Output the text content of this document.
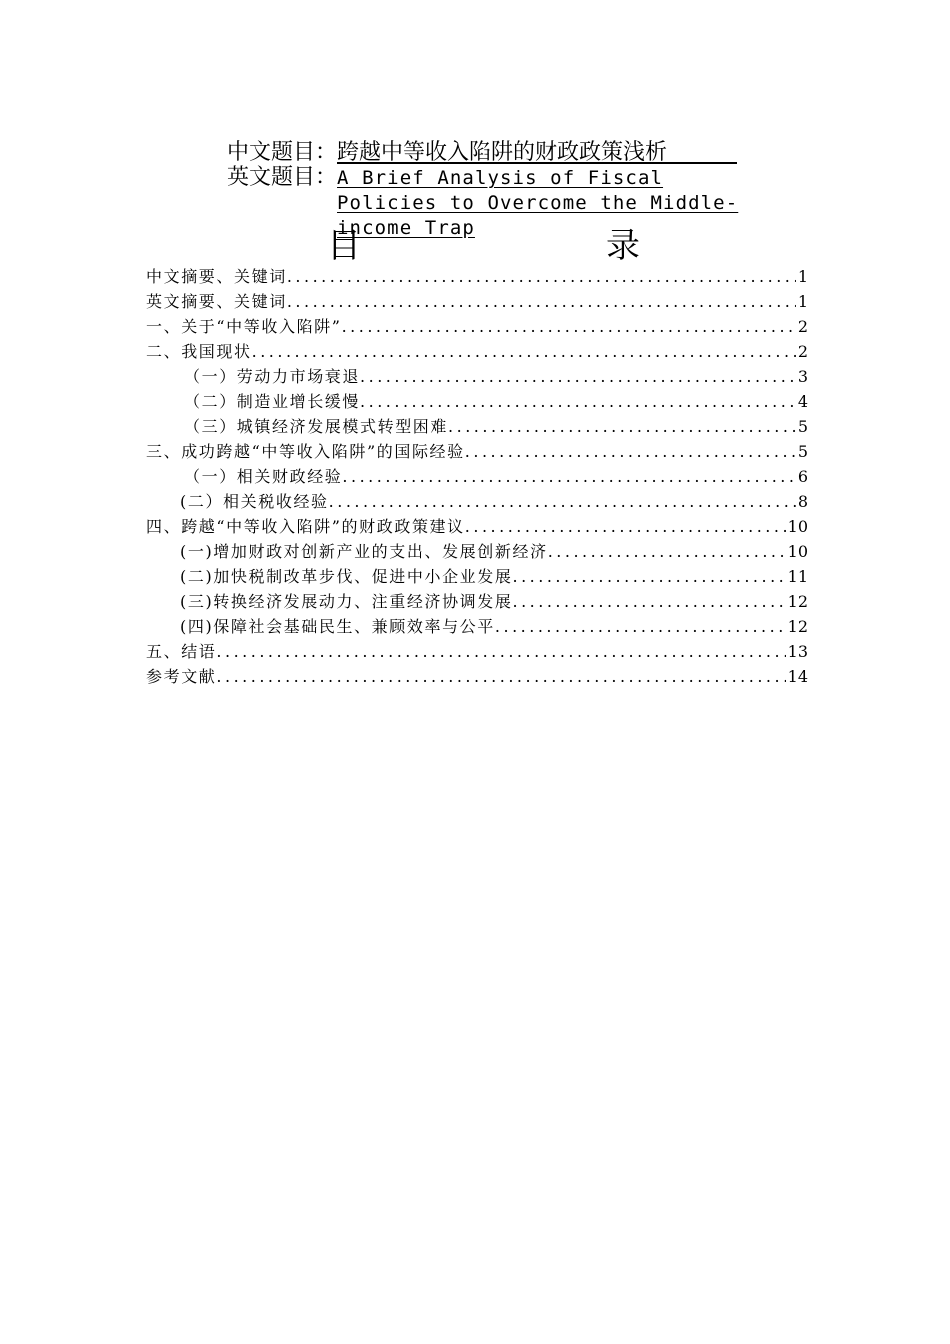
中文题目： 跨越中等收入陷阱的财政政策浅析
英文题目： A Brief Analysis of Fiscal Policies to Overcome the Middle-income Trap
目	录
中文摘要、关键词 .....	1
英文摘要、关键词 .....	1
一、关于“中等收入陷阱” .....	2
二、我国现状 .....	2
（一）劳动力市场衰退 .....	3
（二）制造业增长缓慢 .....	4
（三）城镇经济发展模式转型困难 .....	5
三、成功跨越“中等收入陷阱”的国际经验 .....	5
（一）相关财政经验 .....	6
(二）相关税收经验 .....	8
四、跨越“中等收入陷阱”的财政政策建议 .....	10
(一)增加财政对创新产业的支出、发展创新经济 .....	10
(二)加快税制改革步伐、促进中小企业发展 .....	11
(三)转换经济发展动力、注重经济协调发展 .....	12
(四)保障社会基础民生、兼顾效率与公平 .....	12
五、结语 .....	13
参考文献 .....	14
